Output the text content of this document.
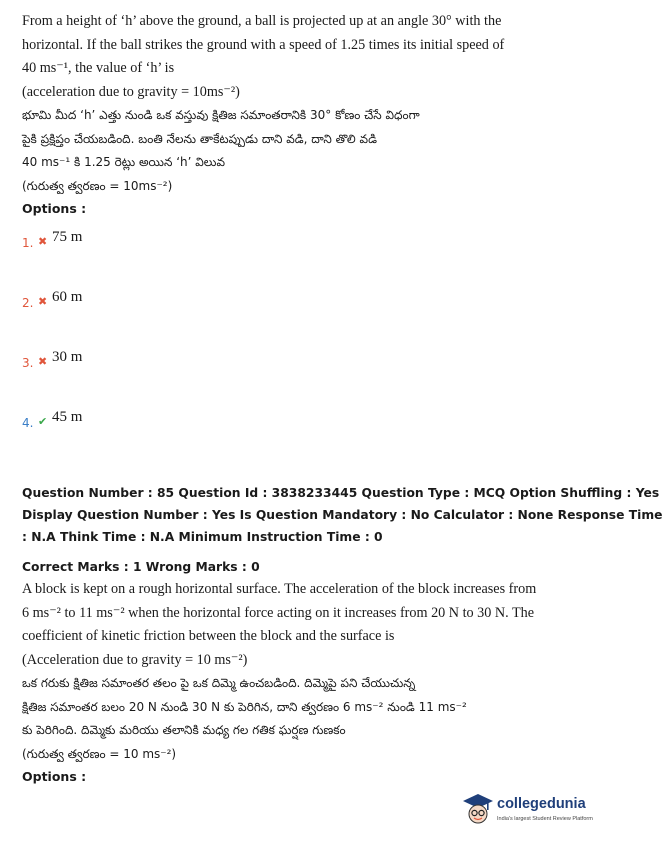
From a height of ‘h’ above the ground, a ball is projected up at an angle 30° with the
horizontal. If the ball strikes the ground with a speed of 1.25 times its initial speed of
40 ms⁻¹, the value of ‘h’ is
(acceleration due to gravity = 10ms⁻²)
భూమి మీద ‘h’ ఎత్తు నుండి ఒక వస్తువు క్షితిజ సమాంతరానికి 30° కోణం చేసే విధంగా
పైకి ప్రక్షిప్తం చేయబడింది. బంతి నేలను తాకేటప్పుడు దాని వడి, దాని తొలి వడి
40 ms⁻¹ కి 1.25 రెట్లు అయిన ‘h’ విలువ
(గురుత్వ త్వరణం = 10ms⁻²)
Options :
1. ✖ 75 m
2. ✖ 60 m
3. ✖ 30 m
4. ✔ 45 m
Question Number : 85 Question Id : 3838233445 Question Type : MCQ Option Shuffling : Yes
Display Question Number : Yes Is Question Mandatory : No Calculator : None Response Time
: N.A Think Time : N.A Minimum Instruction Time : 0
Correct Marks : 1 Wrong Marks : 0
A block is kept on a rough horizontal surface. The acceleration of the block increases from
6 ms⁻² to 11 ms⁻² when the horizontal force acting on it increases from 20 N to 30 N. The
coefficient of kinetic friction between the block and the surface is
(Acceleration due to gravity = 10 ms⁻²)
ఒక గరుకు క్షితిజ సమాంతర తలం పై ఒక దిమ్మె ఉంచబడింది. దిమ్మెపై పని చేయుచున్న
క్షితిజ సమాంతర బలం 20 N నుండి 30 N కు పెరిగిన, దాని త్వరణం 6 ms⁻² నుండి 11 ms⁻²
కు పెరిగింది. దిమ్మెకు మరియు తలానికి మధ్య గల గతిక ఘర్షణ గుణకం
(గురుత్వ త్వరణం = 10 ms⁻²)
Options :
collegedunia
India's largest Student Review Platform
